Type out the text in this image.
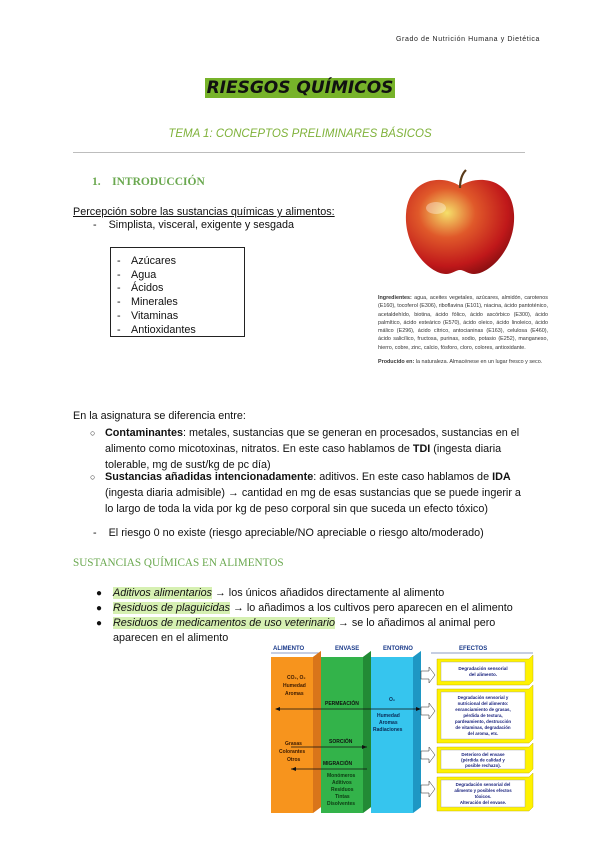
Grado de Nutrición Humana y Dietética
RIESGOS QUÍMICOS
TEMA 1: CONCEPTOS PRELIMINARES BÁSICOS
1. INTRODUCCIÓN
Percepción sobre las sustancias químicas y alimentos:
-    Simplista, visceral, exigente y sesgada
- Azúcares
- Agua
- Ácidos
- Minerales
- Vitaminas
- Antioxidantes
Ingredientes: agua, aceites vegetales, azúcares, almidón, carotenos (E160), tocoferol (E306), riboflavina (E101), niacina, ácido pantoténico, acetaldehído, biotina, ácido fólico, ácido ascórbico (E300), ácido palmítico, ácido esteárico (E570), ácido oleico, ácido linoleico, ácido málico (E296), ácido cítrico, antocianinas (E163), celulosa (E460), ácido salicílico, fructosa, purinas, sodio, potasio (E252), manganeso, hierro, cobre, zinc, calcio, fósforo, cloro, colores, antioxidante.
Producido en: la naturaleza. Almacénese en un lugar fresco y seco.
En la asignatura se diferencia entre:
○ Contaminantes: metales, sustancias que se generan en procesados, sustancias en el alimento como micotoxinas, nitratos. En este caso hablamos de TDI (ingesta diaria tolerable, mg de sust/kg de pc día)
○ Sustancias añadidas intencionadamente: aditivos. En este caso hablamos de IDA (ingesta diaria admisible) → cantidad en mg de esas sustancias que se puede ingerir a lo largo de toda la vida por kg de peso corporal sin que suceda un efecto tóxico)
-    El riesgo 0 no existe (riesgo apreciable/NO apreciable o riesgo alto/moderado)
SUSTANCIAS QUÍMICAS EN ALIMENTOS
● Aditivos alimentarios → los únicos añadidos directamente al alimento
● Residuos de plaguicidas → lo añadimos a los cultivos pero aparecen en el alimento
● Residuos de medicamentos de uso veterinario → se lo añadimos al animal pero aparecen en el alimento
ALIMENTO	ENVASE	ENTORNO	EFECTOS
CO₂, O₂
Humedad
Aromas
Grasas
Colorantes
Otros
PERMEACIÓN
SORCIÓN
MIGRACIÓN
Monómeros
Aditivos
Residuos
Tintas
Disolventes
O₂
Humedad
Aromas
Radiaciones
Degradación sensorial
del alimento.
Degradación sensorial y
nutricional del alimento:
enranciamiento de grasas,
pérdida de textura,
pardeamiento, destrucción
de vitaminas, degradación
del aroma, etc.
Deterioro del envase
(pérdida de calidad y
posible rechazo).
Degradación sensorial del
alimento y posibles efectos
tóxicos.
Alteración del envase.
